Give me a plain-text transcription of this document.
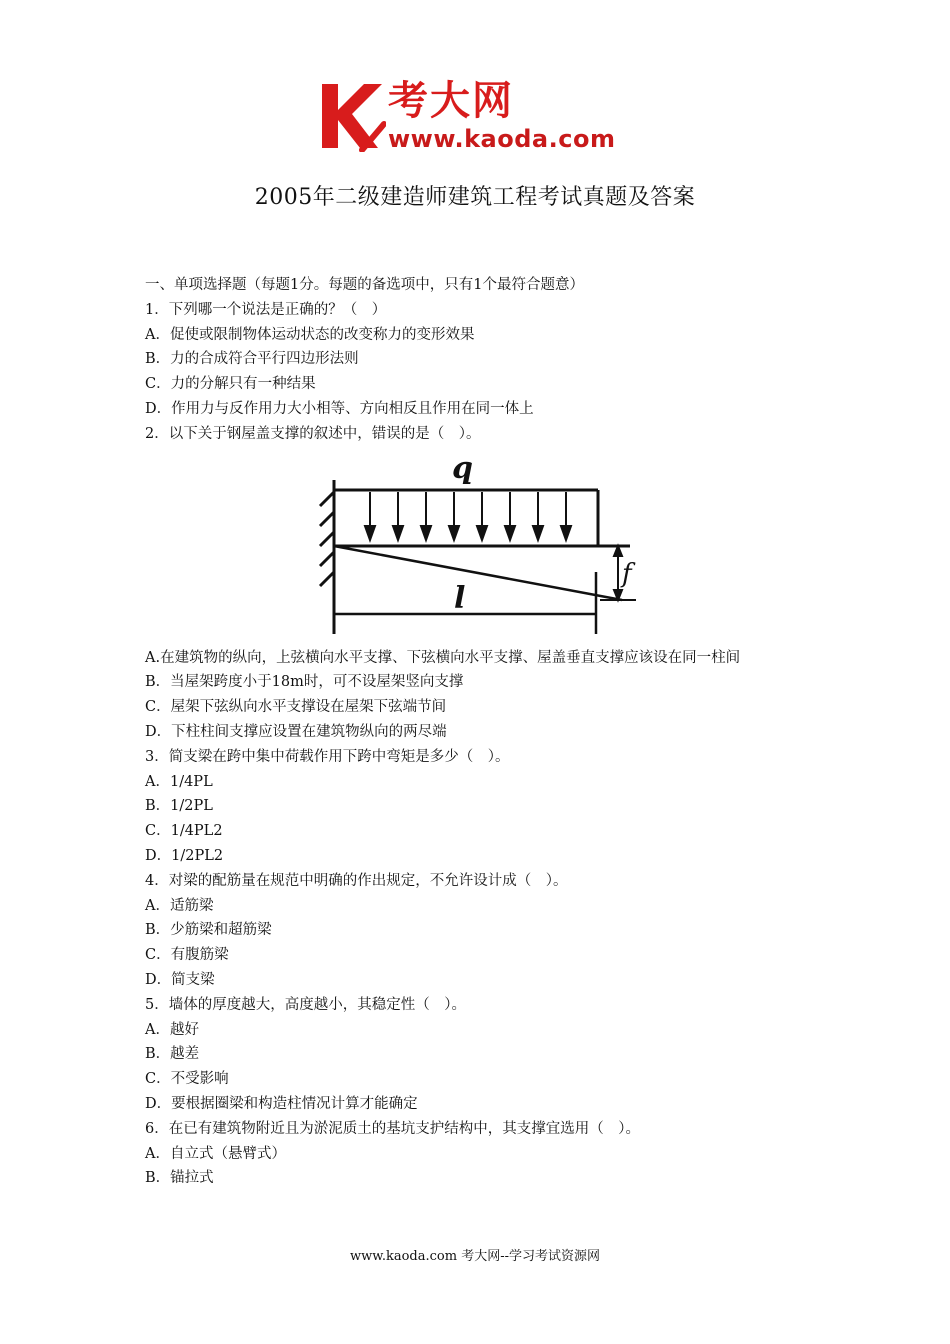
考大网
www.kaoda.com
2005年二级建造师建筑工程考试真题及答案
一、单项选择题（每题1分。每题的备选项中，只有1个最符合题意）
1．下列哪一个说法是正确的？（　）
A．促使或限制物体运动状态的改变称力的变形效果
B．力的合成符合平行四边形法则
C．力的分解只有一种结果
D．作用力与反作用力大小相等、方向相反且作用在同一体上
2．以下关于钢屋盖支撑的叙述中，错误的是（　）。
A.在建筑物的纵向，上弦横向水平支撑、下弦横向水平支撑、屋盖垂直支撑应该设在同一柱间
B．当屋架跨度小于18m时，可不设屋架竖向支撑
C．屋架下弦纵向水平支撑设在屋架下弦端节间
D．下柱柱间支撑应设置在建筑物纵向的两尽端
3．简支梁在跨中集中荷载作用下跨中弯矩是多少（　）。
A．1/4PL
B．1/2PL
C．1/4PL2
D．1/2PL2
4．对梁的配筋量在规范中明确的作出规定，不允许设计成（　）。
A．适筋梁
B．少筋梁和超筋梁
C．有腹筋梁
D．简支梁
5．墙体的厚度越大，高度越小，其稳定性（　）。
A．越好
B．越差
C．不受影响
D．要根据圈梁和构造柱情况计算才能确定
6．在已有建筑物附近且为淤泥质土的基坑支护结构中，其支撑宜选用（　）。
A．自立式（悬臂式）
B．锚拉式
q
l
f
www.kaoda.com 考大网--学习考试资源网
